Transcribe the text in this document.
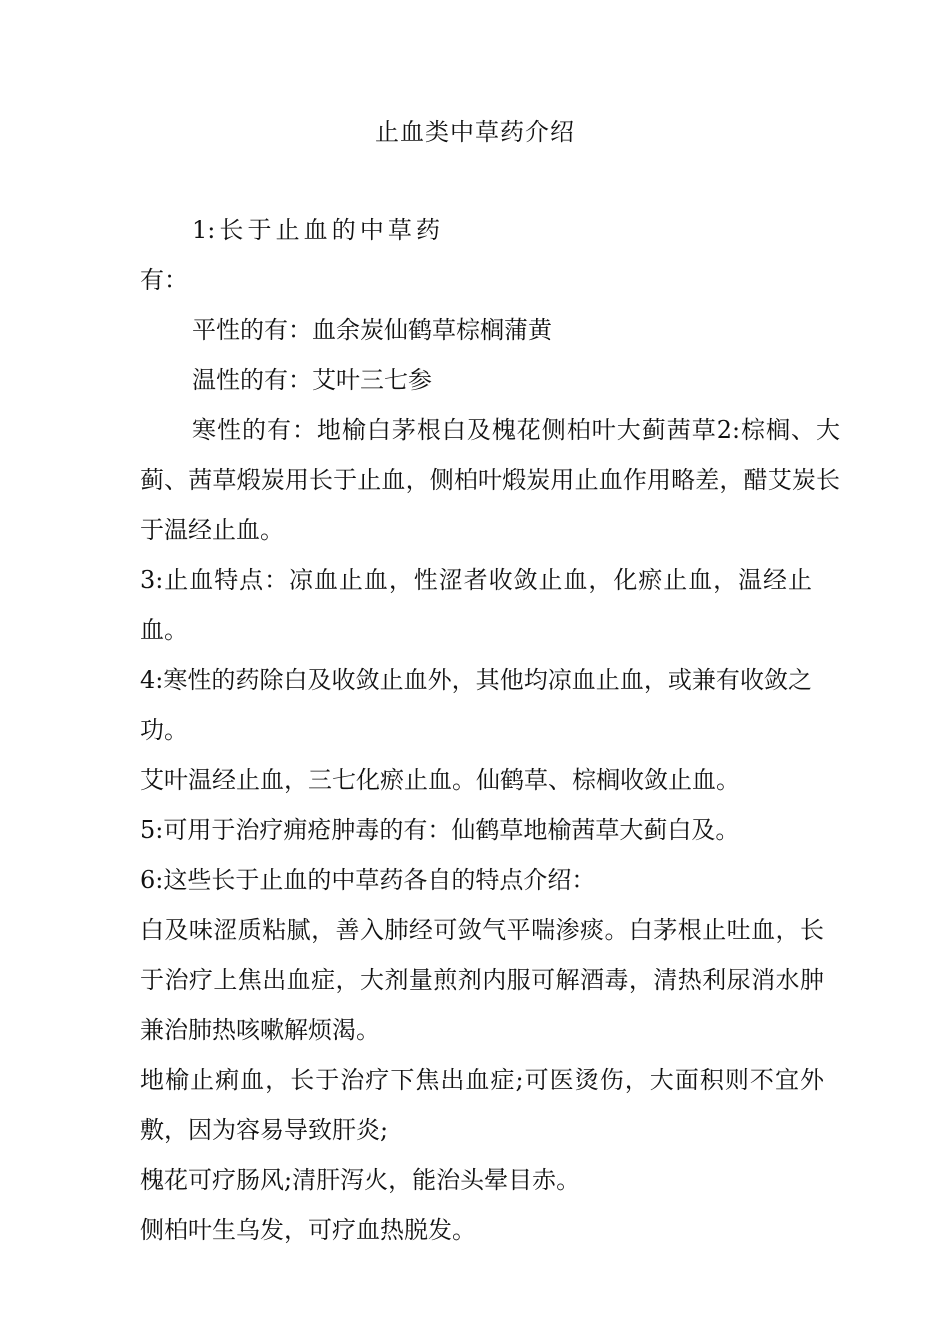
止血类中草药介绍

1:长于止血的中草药有：

平性的有：血余炭仙鹤草棕榈蒲黄

温性的有：艾叶三七参

寒性的有：地榆白茅根白及槐花侧柏叶大蓟茜草2:棕榈、大蓟、茜草煅炭用长于止血，侧柏叶煅炭用止血作用略差，醋艾炭长于温经止血。

3:止血特点：凉血止血，性涩者收敛止血，化瘀止血，温经止血。

4:寒性的药除白及收敛止血外，其他均凉血止血，或兼有收敛之功。

艾叶温经止血，三七化瘀止血。仙鹤草、棕榈收敛止血。

5:可用于治疗痈疮肿毒的有：仙鹤草地榆茜草大蓟白及。

6:这些长于止血的中草药各自的特点介绍：

白及味涩质粘腻，善入肺经可敛气平喘渗痰。白茅根止吐血，长于治疗上焦出血症，大剂量煎剂内服可解酒毒，清热利尿消水肿兼治肺热咳嗽解烦渴。

地榆止痢血，长于治疗下焦出血症;可医烫伤，大面积则不宜外敷，因为容易导致肝炎;

槐花可疗肠风;清肝泻火，能治头晕目赤。

侧柏叶生乌发，可疗血热脱发。
